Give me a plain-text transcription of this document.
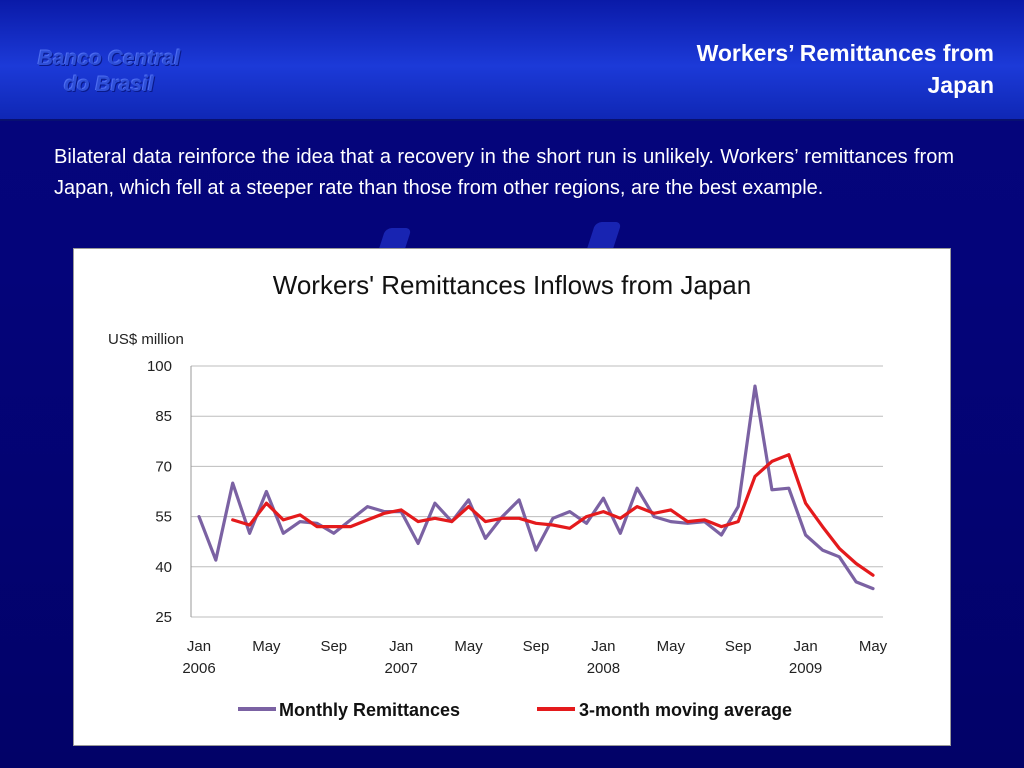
Banco Central
do Brasil
Workers’ Remittances from
Japan
Bilateral data reinforce the idea that a recovery in the short run is unlikely. Workers’ remittances from Japan, which fell at a steeper rate than those from other regions, are the best example.
Workers' Remittances Inflows from Japan
US$ million
25
40
55
70
85
100
Jan
2006
May	Sep	Jan
2007
May	Sep	Jan
2008
May	Sep	Jan
2009
May
Monthly Remittances	3-month moving average
